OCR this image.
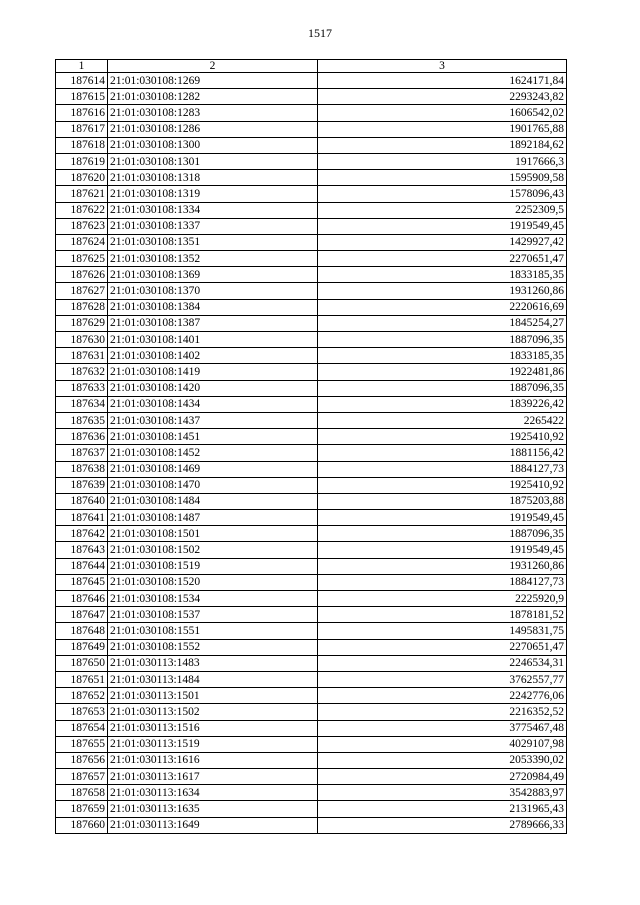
1517
1	2	3
187614	21:01:030108:1269	1624171,84
187615	21:01:030108:1282	2293243,82
187616	21:01:030108:1283	1606542,02
187617	21:01:030108:1286	1901765,88
187618	21:01:030108:1300	1892184,62
187619	21:01:030108:1301	1917666,3
187620	21:01:030108:1318	1595909,58
187621	21:01:030108:1319	1578096,43
187622	21:01:030108:1334	2252309,5
187623	21:01:030108:1337	1919549,45
187624	21:01:030108:1351	1429927,42
187625	21:01:030108:1352	2270651,47
187626	21:01:030108:1369	1833185,35
187627	21:01:030108:1370	1931260,86
187628	21:01:030108:1384	2220616,69
187629	21:01:030108:1387	1845254,27
187630	21:01:030108:1401	1887096,35
187631	21:01:030108:1402	1833185,35
187632	21:01:030108:1419	1922481,86
187633	21:01:030108:1420	1887096,35
187634	21:01:030108:1434	1839226,42
187635	21:01:030108:1437	2265422
187636	21:01:030108:1451	1925410,92
187637	21:01:030108:1452	1881156,42
187638	21:01:030108:1469	1884127,73
187639	21:01:030108:1470	1925410,92
187640	21:01:030108:1484	1875203,88
187641	21:01:030108:1487	1919549,45
187642	21:01:030108:1501	1887096,35
187643	21:01:030108:1502	1919549,45
187644	21:01:030108:1519	1931260,86
187645	21:01:030108:1520	1884127,73
187646	21:01:030108:1534	2225920,9
187647	21:01:030108:1537	1878181,52
187648	21:01:030108:1551	1495831,75
187649	21:01:030108:1552	2270651,47
187650	21:01:030113:1483	2246534,31
187651	21:01:030113:1484	3762557,77
187652	21:01:030113:1501	2242776,06
187653	21:01:030113:1502	2216352,52
187654	21:01:030113:1516	3775467,48
187655	21:01:030113:1519	4029107,98
187656	21:01:030113:1616	2053390,02
187657	21:01:030113:1617	2720984,49
187658	21:01:030113:1634	3542883,97
187659	21:01:030113:1635	2131965,43
187660	21:01:030113:1649	2789666,33
